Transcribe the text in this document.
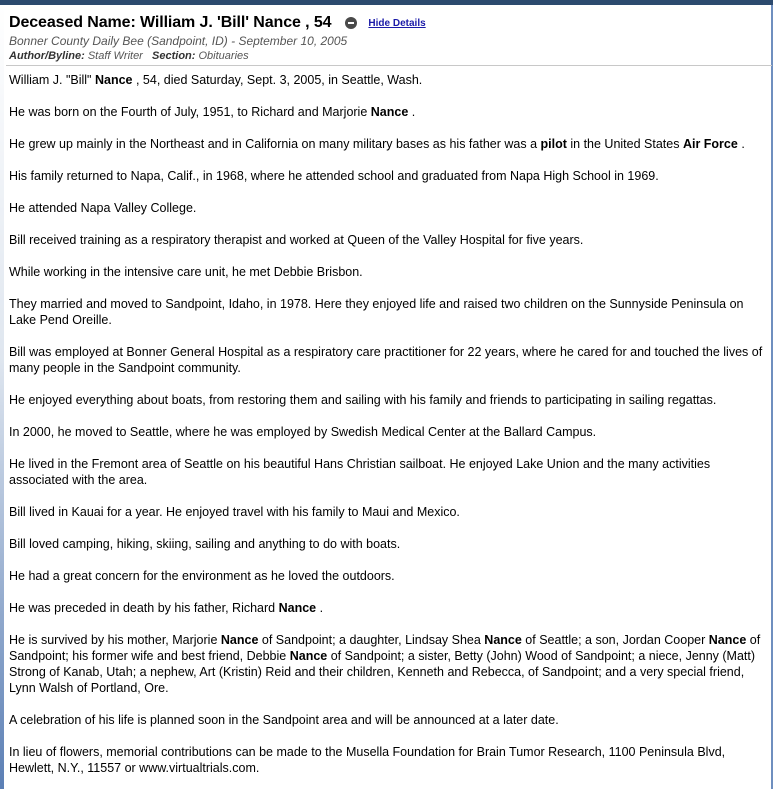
Deceased Name: William J. 'Bill' Nance , 54	Hide Details
Bonner County Daily Bee (Sandpoint, ID) - September 10, 2005
Author/Byline: Staff Writer Section: Obituaries

William J. "Bill" Nance , 54, died Saturday, Sept. 3, 2005, in Seattle, Wash.

He was born on the Fourth of July, 1951, to Richard and Marjorie Nance .

He grew up mainly in the Northeast and in California on many military bases as his father was a pilot in the United States Air Force .

His family returned to Napa, Calif., in 1968, where he attended school and graduated from Napa High School in 1969.

He attended Napa Valley College.

Bill received training as a respiratory therapist and worked at Queen of the Valley Hospital for five years.

While working in the intensive care unit, he met Debbie Brisbon.

They married and moved to Sandpoint, Idaho, in 1978. Here they enjoyed life and raised two children on the Sunnyside Peninsula on Lake Pend Oreille.

Bill was employed at Bonner General Hospital as a respiratory care practitioner for 22 years, where he cared for and touched the lives of many people in the Sandpoint community.

He enjoyed everything about boats, from restoring them and sailing with his family and friends to participating in sailing regattas.

In 2000, he moved to Seattle, where he was employed by Swedish Medical Center at the Ballard Campus.

He lived in the Fremont area of Seattle on his beautiful Hans Christian sailboat. He enjoyed Lake Union and the many activities associated with the area.

Bill lived in Kauai for a year. He enjoyed travel with his family to Maui and Mexico.

Bill loved camping, hiking, skiing, sailing and anything to do with boats.

He had a great concern for the environment as he loved the outdoors.

He was preceded in death by his father, Richard Nance .

He is survived by his mother, Marjorie Nance of Sandpoint; a daughter, Lindsay Shea Nance of Seattle; a son, Jordan Cooper Nance of Sandpoint; his former wife and best friend, Debbie Nance of Sandpoint; a sister, Betty (John) Wood of Sandpoint; a niece, Jenny (Matt) Strong of Kanab, Utah; a nephew, Art (Kristin) Reid and their children, Kenneth and Rebecca, of Sandpoint; and a very special friend, Lynn Walsh of Portland, Ore.

A celebration of his life is planned soon in the Sandpoint area and will be announced at a later date.

In lieu of flowers, memorial contributions can be made to the Musella Foundation for Brain Tumor Research, 1100 Peninsula Blvd, Hewlett, N.Y., 11557 or www.virtualtrials.com.
